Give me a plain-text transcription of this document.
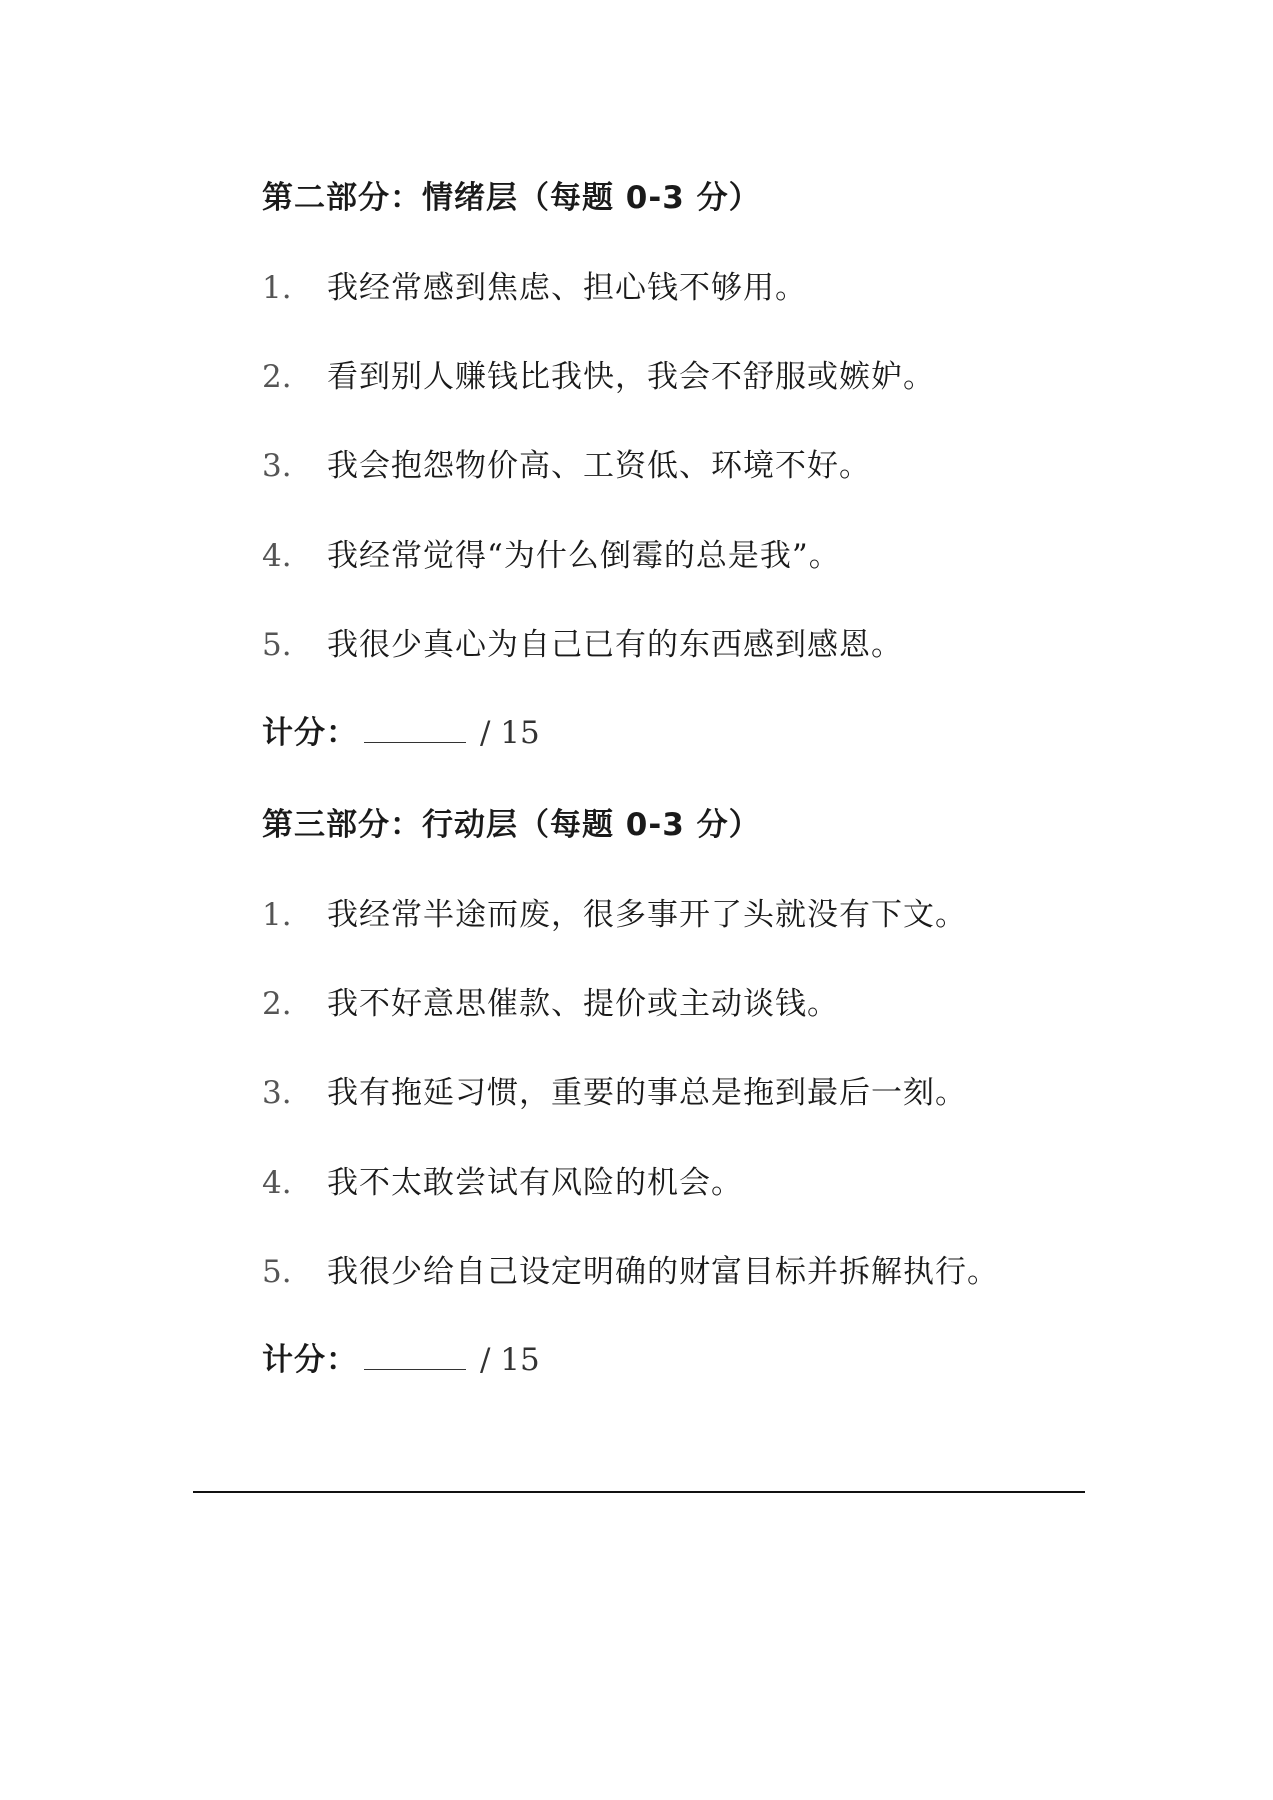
第二部分：情绪层（每题 0-3 分）
1. 我经常感到焦虑、担心钱不够用。
2. 看到别人赚钱比我快，我会不舒服或嫉妒。
3. 我会抱怨物价高、工资低、环境不好。
4. 我经常觉得“为什么倒霉的总是我”。
5. 我很少真心为自己已有的东西感到感恩。
计分：	/ 15
第三部分：行动层（每题 0-3 分）
1. 我经常半途而废，很多事开了头就没有下文。
2. 我不好意思催款、提价或主动谈钱。
3. 我有拖延习惯，重要的事总是拖到最后一刻。
4. 我不太敢尝试有风险的机会。
5. 我很少给自己设定明确的财富目标并拆解执行。
计分：	/ 15
